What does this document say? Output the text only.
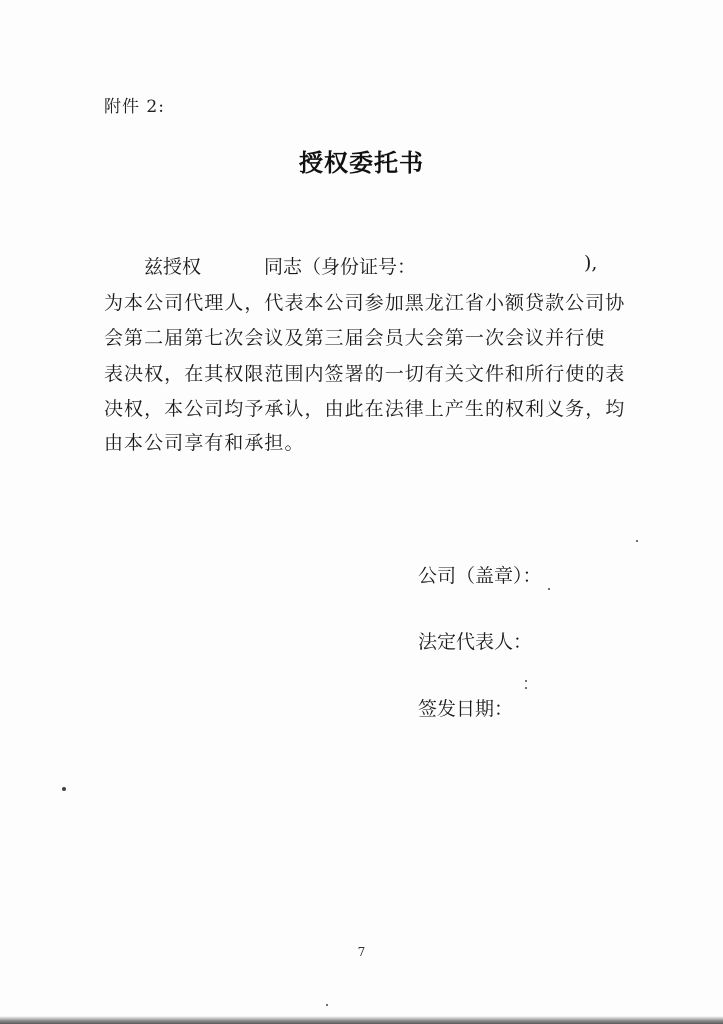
附件 2:
授权委托书
兹授权	同志（身份证号：	),
为本公司代理人，代表本公司参加黑龙江省小额贷款公司协
会第二届第七次会议及第三届会员大会第一次会议并行使
表决权，在其权限范围内签署的一切有关文件和所行使的表
决权，本公司均予承认，由此在法律上产生的权利义务，均
由本公司享有和承担。
公司（盖章）：
法定代表人：
签发日期：
7
